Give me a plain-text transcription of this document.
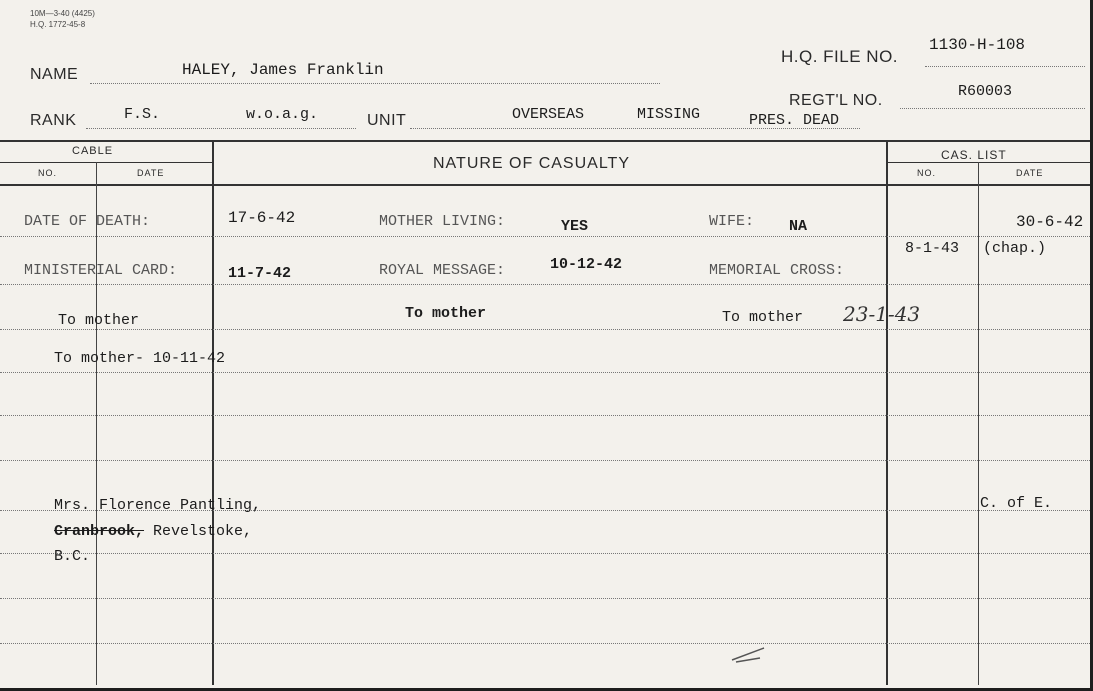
10M—3-40 (4425)
H.Q. 1772-45-8
H.Q. FILE NO.
1130-H-108
NAME	HALEY, James Franklin
REGT'L NO.
R60003
RANK	F.S.	w.o.a.g.	UNIT	OVERSEAS	MISSING	PRES. DEAD
CABLE
NO.	DATE
NATURE OF CASUALTY	CAS. LIST
NO.	DATE
DATE OF DEATH:	17-6-42	MOTHER LIVING:	YES	WIFE: NA	30-6-42
MINISTERIAL CARD:	11-7-42	ROYAL MESSAGE:	10-12-42	MEMORIAL CROSS:
8-1-43 (chap.)
To mother	To mother	To mother 23-1-43
To mother- 10-11-42
Mrs. Florence Pantling,
Cranbrook, Revelstoke,
B.C.
C. of E.
